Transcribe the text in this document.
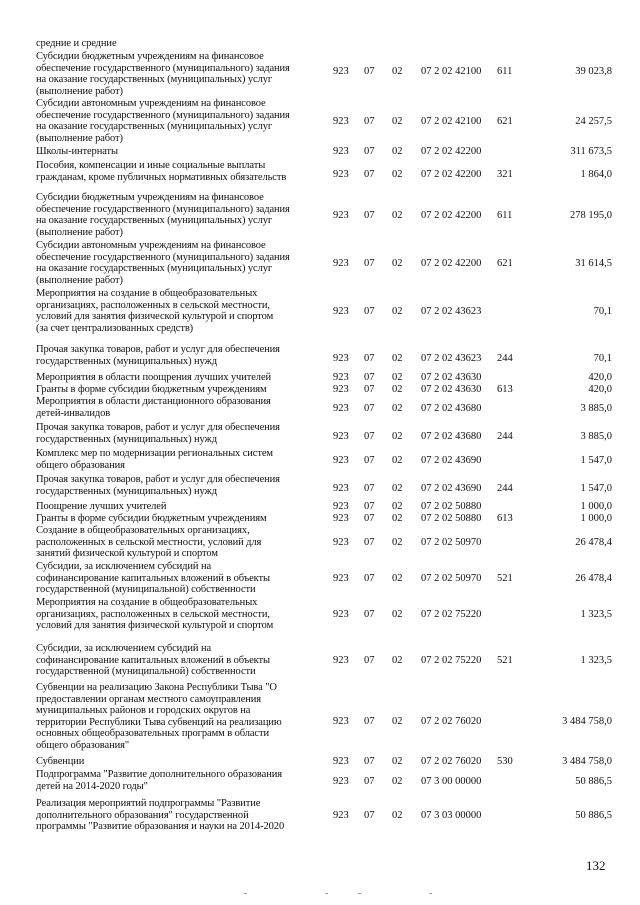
средние и средние
Субсидии бюджетным учреждениям на финансовое
обеспечение государственного (муниципального) задания
на оказание государственных (муниципальных) услуг
(выполнение работ)
923 07 02 07 2 02 42100 611	39 023,8
Субсидии автономным учреждениям на финансовое
обеспечение государственного (муниципального) задания
на оказание государственных (муниципальных) услуг
(выполнение работ)
923 07 02 07 2 02 42100 621	24 257,5
Школы-интернаты	923 07 02 07 2 02 42200	311 673,5
Пособия, компенсации и иные социальные выплаты
гражданам, кроме публичных нормативных обязательств	923 07 02 07 2 02 42200 321	1 864,0
Субсидии бюджетным учреждениям на финансовое
обеспечение государственного (муниципального) задания
на оказание государственных (муниципальных) услуг
(выполнение работ)
923 07 02 07 2 02 42200 611	278 195,0
Субсидии автономным учреждениям на финансовое
обеспечение государственного (муниципального) задания
на оказание государственных (муниципальных) услуг
(выполнение работ)
923 07 02 07 2 02 42200 621	31 614,5
Мероприятия на создание в общеобразовательных
организациях, расположенных в сельской местности,
условий для занятия физической культурой и спортом
(за счет централизованных средств)
923 07 02 07 2 02 43623	70,1
Прочая закупка товаров, работ и услуг для обеспечения
государственных (муниципальных) нужд	923 07 02 07 2 02 43623 244	70,1
Мероприятия в области поощрения лучших учителей	923 07 02 07 2 02 43630	420,0
Гранты в форме субсидии бюджетным учреждениям	923 07 02 07 2 02 43630 613	420,0
Мероприятия в области дистанционного образования
детей-инвалидов	923 07 02 07 2 02 43680	3 885,0
Прочая закупка товаров, работ и услуг для обеспечения
государственных (муниципальных) нужд	923 07 02 07 2 02 43680 244	3 885,0
Комплекс мер по модернизации региональных систем
общего образования	923 07 02 07 2 02 43690	1 547,0
Прочая закупка товаров, работ и услуг для обеспечения
государственных (муниципальных) нужд	923 07 02 07 2 02 43690 244	1 547,0
Поощрение лучших учителей	923 07 02 07 2 02 50880	1 000,0
Гранты в форме субсидии бюджетным учреждениям	923 07 02 07 2 02 50880 613	1 000,0
Создание в общеобразовательных организациях,
расположенных в сельской местности, условий для
занятий физической культурой и спортом
923 07 02 07 2 02 50970	26 478,4
Субсидии, за исключением субсидий на
софинансирование капитальных вложений в объекты
государственной (муниципальной) собственности
923 07 02 07 2 02 50970 521	26 478,4
Мероприятия на создание в общеобразовательных
организациях, расположенных в сельской местности,
условий для занятия физической культурой и спортом
923 07 02 07 2 02 75220	1 323,5
Субсидии, за исключением субсидий на
софинансирование капитальных вложений в объекты
государственной (муниципальной) собственности
923 07 02 07 2 02 75220 521	1 323,5
Субвенции на реализацию Закона Республики Тыва "О
предоставлении органам местного самоуправления
муниципальных районов и городских округов на
территории Республики Тыва субвенций на реализацию
основных общеобразовательных программ в области
общего образования"
923 07 02 07 2 02 76020	3 484 758,0
Субвенции	923 07 02 07 2 02 76020 530	3 484 758,0
Подпрограмма "Развитие дополнительного образования
детей на 2014-2020 годы"	923 07 02 07 3 00 00000	50 886,5
Реализация мероприятий подпрограммы "Развитие
дополнительного образования" государственной
программы "Развитие образования и науки на 2014-2020
923 07 02 07 3 03 00000	50 886,5
132
